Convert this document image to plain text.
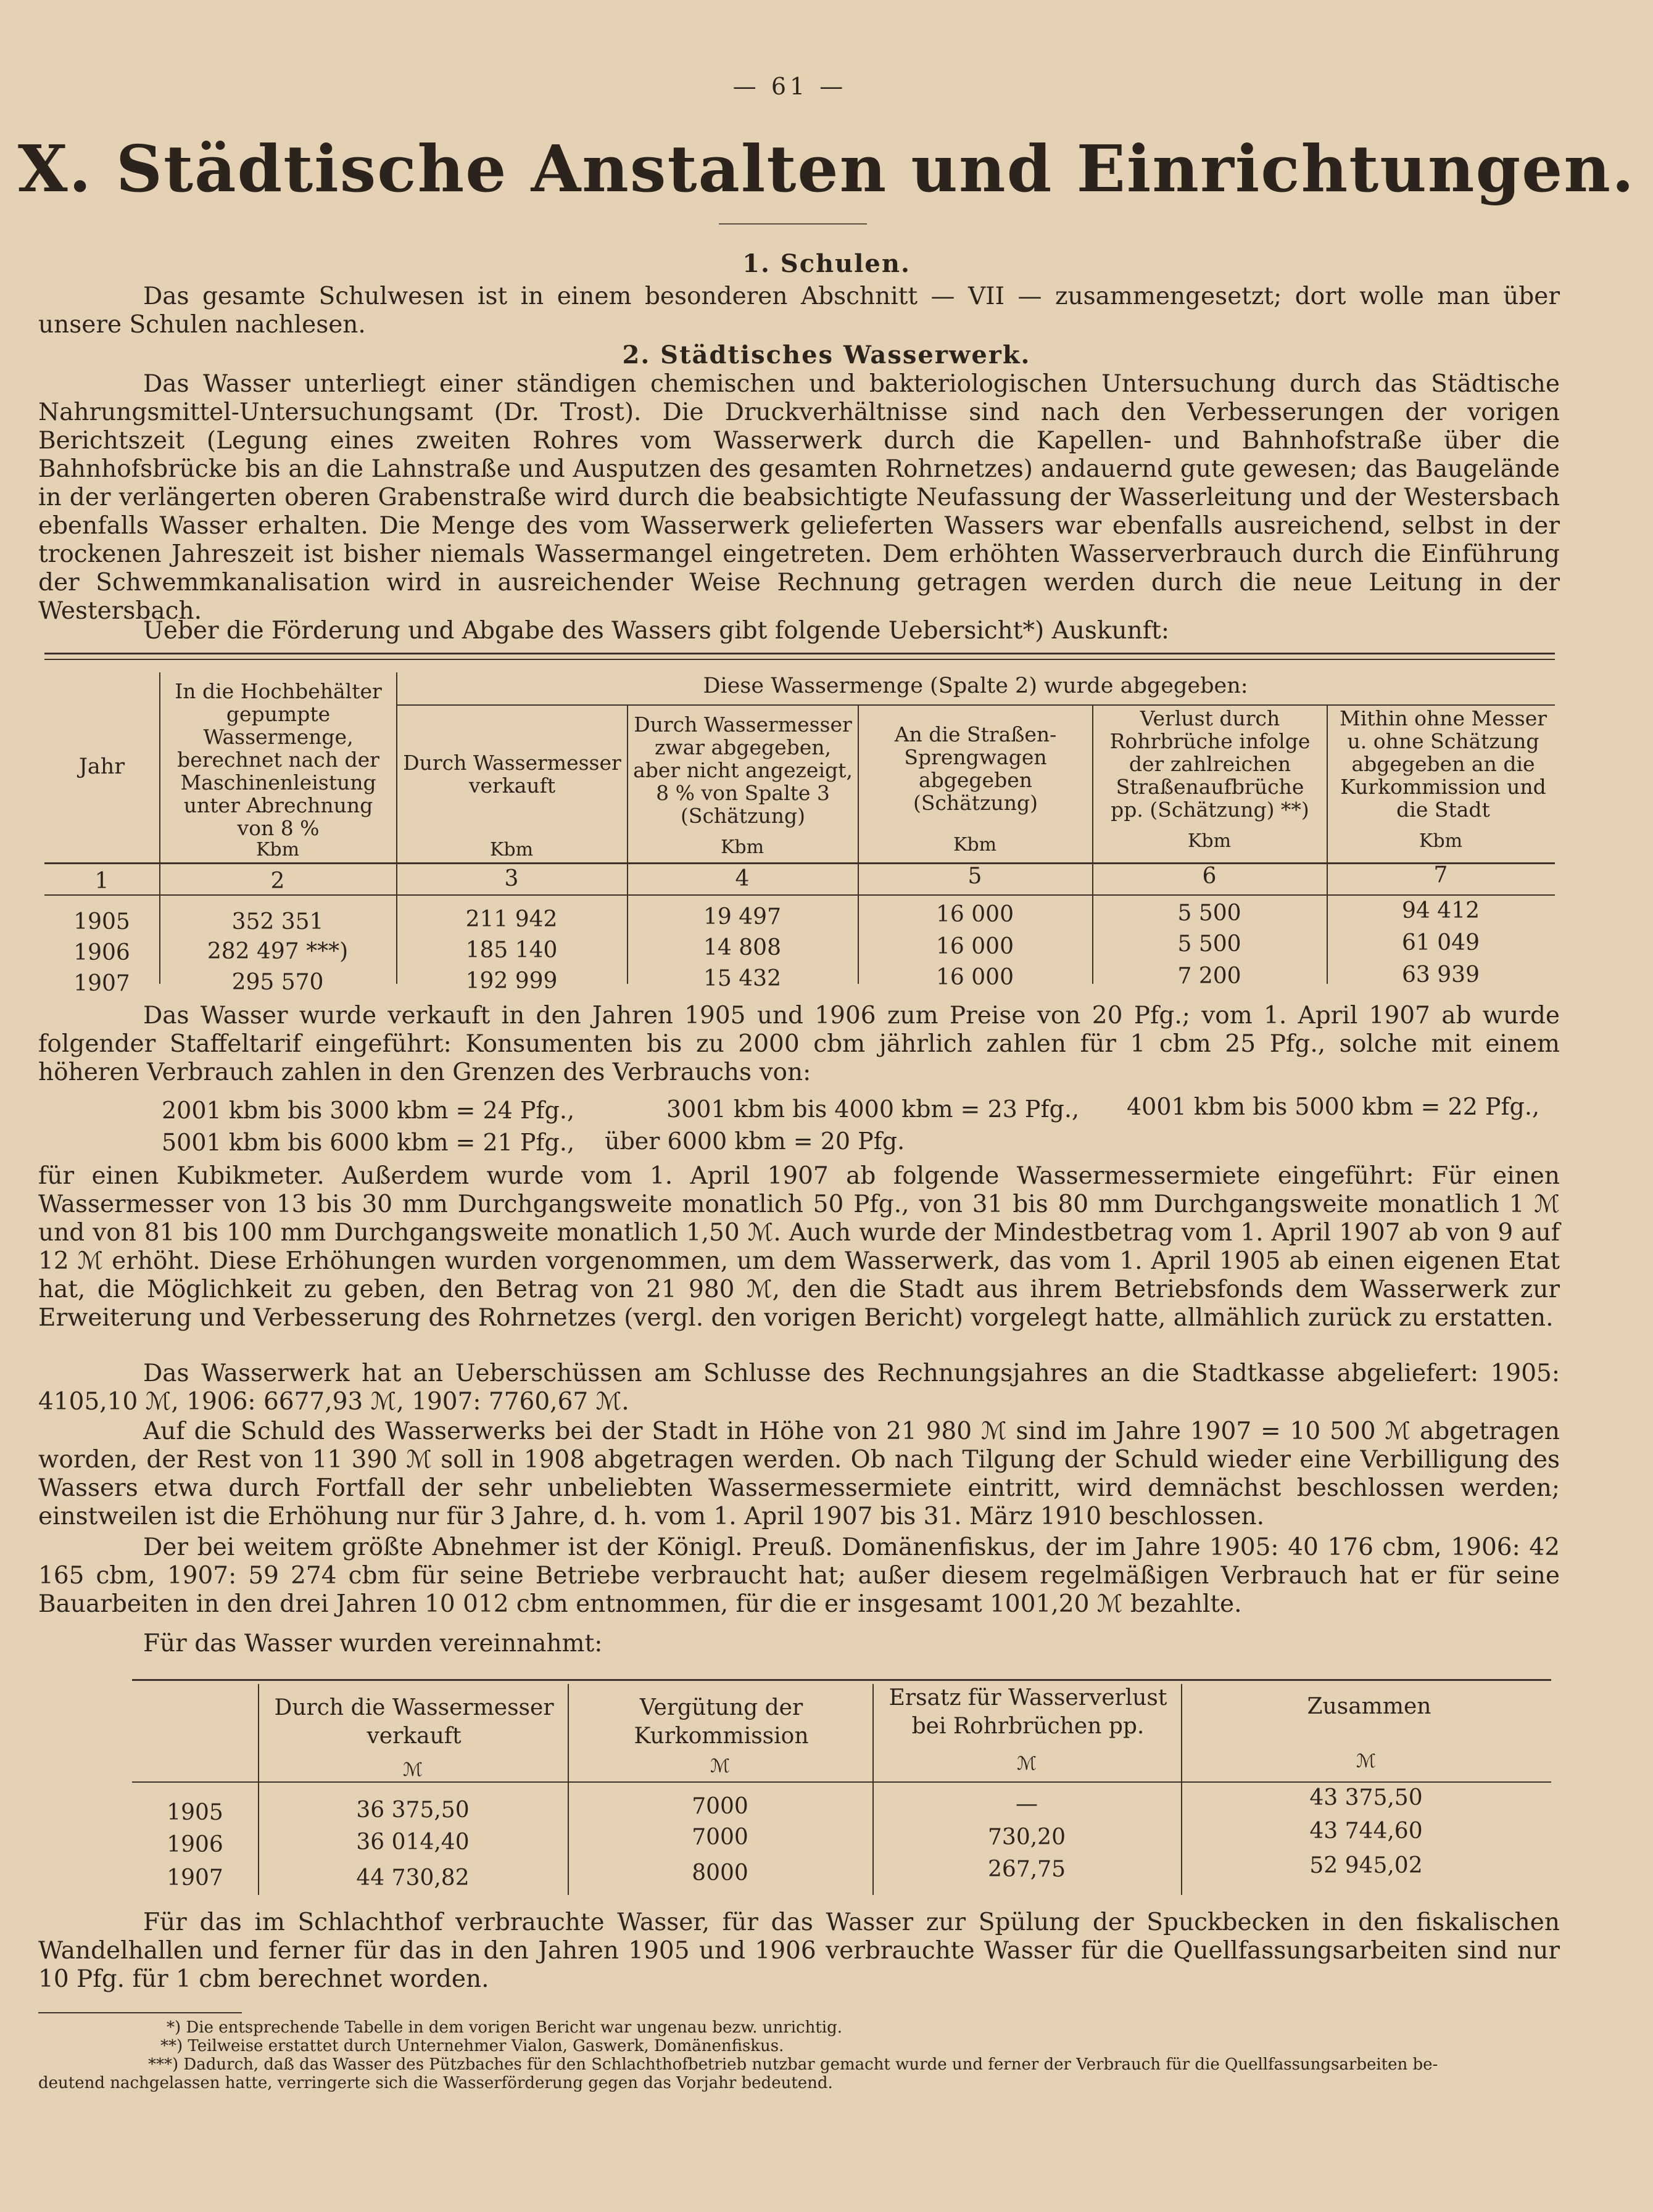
— 61 —
X. Städtische Anstalten und Einrichtungen.
1. Schulen.

Das gesamte Schulwesen ist in einem besonderen Abschnitt — VII — zusammengesetzt; dort wolle man über unsere Schulen nachlesen.

2. Städtisches Wasserwerk.

Das Wasser unterliegt einer ständigen chemischen und bakteriologischen Untersuchung durch das Städtische Nahrungsmittel-Untersuchungsamt (Dr. Trost). Die Druckverhältnisse sind nach den Verbesserungen der vorigen Berichtszeit (Legung eines zweiten Rohres vom Wasserwerk durch die Kapellen- und Bahnhofstraße über die Bahnhofsbrücke bis an die Lahnstraße und Ausputzen des gesamten Rohrnetzes) andauernd gute gewesen; das Baugelände in der verlängerten oberen Grabenstraße wird durch die beabsichtigte Neufassung der Wasserleitung und der Westersbach ebenfalls Wasser erhalten. Die Menge des vom Wasserwerk gelieferten Wassers war ebenfalls ausreichend, selbst in der trockenen Jahreszeit ist bisher niemals Wassermangel eingetreten. Dem erhöhten Wasserverbrauch durch die Einführung der Schwemmkanalisation wird in ausreichender Weise Rechnung getragen werden durch die neue Leitung in der Westersbach.

Ueber die Förderung und Abgabe des Wassers gibt folgende Uebersicht*) Auskunft:

Diese Wassermenge (Spalte 2) wurde abgegeben:
Jahr
In die Hochbehälter gepumpte Wassermenge, berechnet nach der Maschinenleistung unter Abrechnung von 8 %
Durch Wassermesser verkauft
Durch Wassermesser zwar abgegeben, aber nicht angezeigt, 8 % von Spalte 3 (Schätzung)
An die Straßen-Sprengwagen abgegeben (Schätzung)
Verlust durch Rohrbrüche infolge der zahlreichen Straßenaufbrüche pp. (Schätzung) **)
Mithin ohne Messer u. ohne Schätzung abgegeben an die Kurkommission und die Stadt
Kbm	Kbm	Kbm	Kbm	Kbm	Kbm
1	2	3	4	5	6	7
1905	352 351	211 942	19 497	16 000	5 500	94 412
1906	282 497 ***)	185 140	14 808	16 000	5 500	61 049
1907	295 570	192 999	15 432	16 000	7 200	63 939

Das Wasser wurde verkauft in den Jahren 1905 und 1906 zum Preise von 20 Pfg.; vom 1. April 1907 ab wurde folgender Staffeltarif eingeführt: Konsumenten bis zu 2000 cbm jährlich zahlen für 1 cbm 25 Pfg., solche mit einem höheren Verbrauch zahlen in den Grenzen des Verbrauchs von:

2001 kbm bis 3000 kbm = 24 Pfg.,	3001 kbm bis 4000 kbm = 23 Pfg., 4001 kbm bis 5000 kbm = 22 Pfg.,
5001 kbm bis 6000 kbm = 21 Pfg., über 6000 kbm = 20 Pfg.

für einen Kubikmeter. Außerdem wurde vom 1. April 1907 ab folgende Wassermessermiete eingeführt: Für einen Wassermesser von 13 bis 30 mm Durchgangsweite monatlich 50 Pfg., von 31 bis 80 mm Durchgangsweite monatlich 1 ℳ und von 81 bis 100 mm Durchgangsweite monatlich 1,50 ℳ. Auch wurde der Mindestbetrag vom 1. April 1907 ab von 9 auf 12 ℳ erhöht. Diese Erhöhungen wurden vorgenommen, um dem Wasserwerk, das vom 1. April 1905 ab einen eigenen Etat hat, die Möglichkeit zu geben, den Betrag von 21 980 ℳ, den die Stadt aus ihrem Betriebsfonds dem Wasserwerk zur Erweiterung und Verbesserung des Rohrnetzes (vergl. den vorigen Bericht) vorgelegt hatte, allmählich zurück zu erstatten.

Das Wasserwerk hat an Ueberschüssen am Schlusse des Rechnungsjahres an die Stadtkasse abgeliefert: 1905: 4105,10 ℳ, 1906: 6677,93 ℳ, 1907: 7760,67 ℳ.

Auf die Schuld des Wasserwerks bei der Stadt in Höhe von 21 980 ℳ sind im Jahre 1907 = 10 500 ℳ abgetragen worden, der Rest von 11 390 ℳ soll in 1908 abgetragen werden. Ob nach Tilgung der Schuld wieder eine Verbilligung des Wassers etwa durch Fortfall der sehr unbeliebten Wassermessermiete eintritt, wird demnächst beschlossen werden; einstweilen ist die Erhöhung nur für 3 Jahre, d. h. vom 1. April 1907 bis 31. März 1910 beschlossen.

Der bei weitem größte Abnehmer ist der Königl. Preuß. Domänenfiskus, der im Jahre 1905: 40 176 cbm, 1906: 42 165 cbm, 1907: 59 274 cbm für seine Betriebe verbraucht hat; außer diesem regelmäßigen Verbrauch hat er für seine Bauarbeiten in den drei Jahren 10 012 cbm entnommen, für die er insgesamt 1001,20 ℳ bezahlte.

Für das Wasser wurden vereinnahmt:

Durch die Wassermesser verkauft
Vergütung der Kurkommission
Ersatz für Wasserverlust bei Rohrbrüchen pp.
Zusammen
ℳ	ℳ	ℳ	ℳ
1905	36 375,50	7000	—	43 375,50
1906	36 014,40	7000	730,20	43 744,60
1907	44 730,82	8000	267,75	52 945,02

Für das im Schlachthof verbrauchte Wasser, für das Wasser zur Spülung der Spuckbecken in den fiskalischen Wandelhallen und ferner für das in den Jahren 1905 und 1906 verbrauchte Wasser für die Quellfassungsarbeiten sind nur 10 Pfg. für 1 cbm berechnet worden.

*) Die entsprechende Tabelle in dem vorigen Bericht war ungenau bezw. unrichtig.
**) Teilweise erstattet durch Unternehmer Vialon, Gaswerk, Domänenfiskus.
***) Dadurch, daß das Wasser des Pützbaches für den Schlachthofbetrieb nutzbar gemacht wurde und ferner der Verbrauch für die Quellfassungsarbeiten be-
deutend nachgelassen hatte, verringerte sich die Wasserförderung gegen das Vorjahr bedeutend.
